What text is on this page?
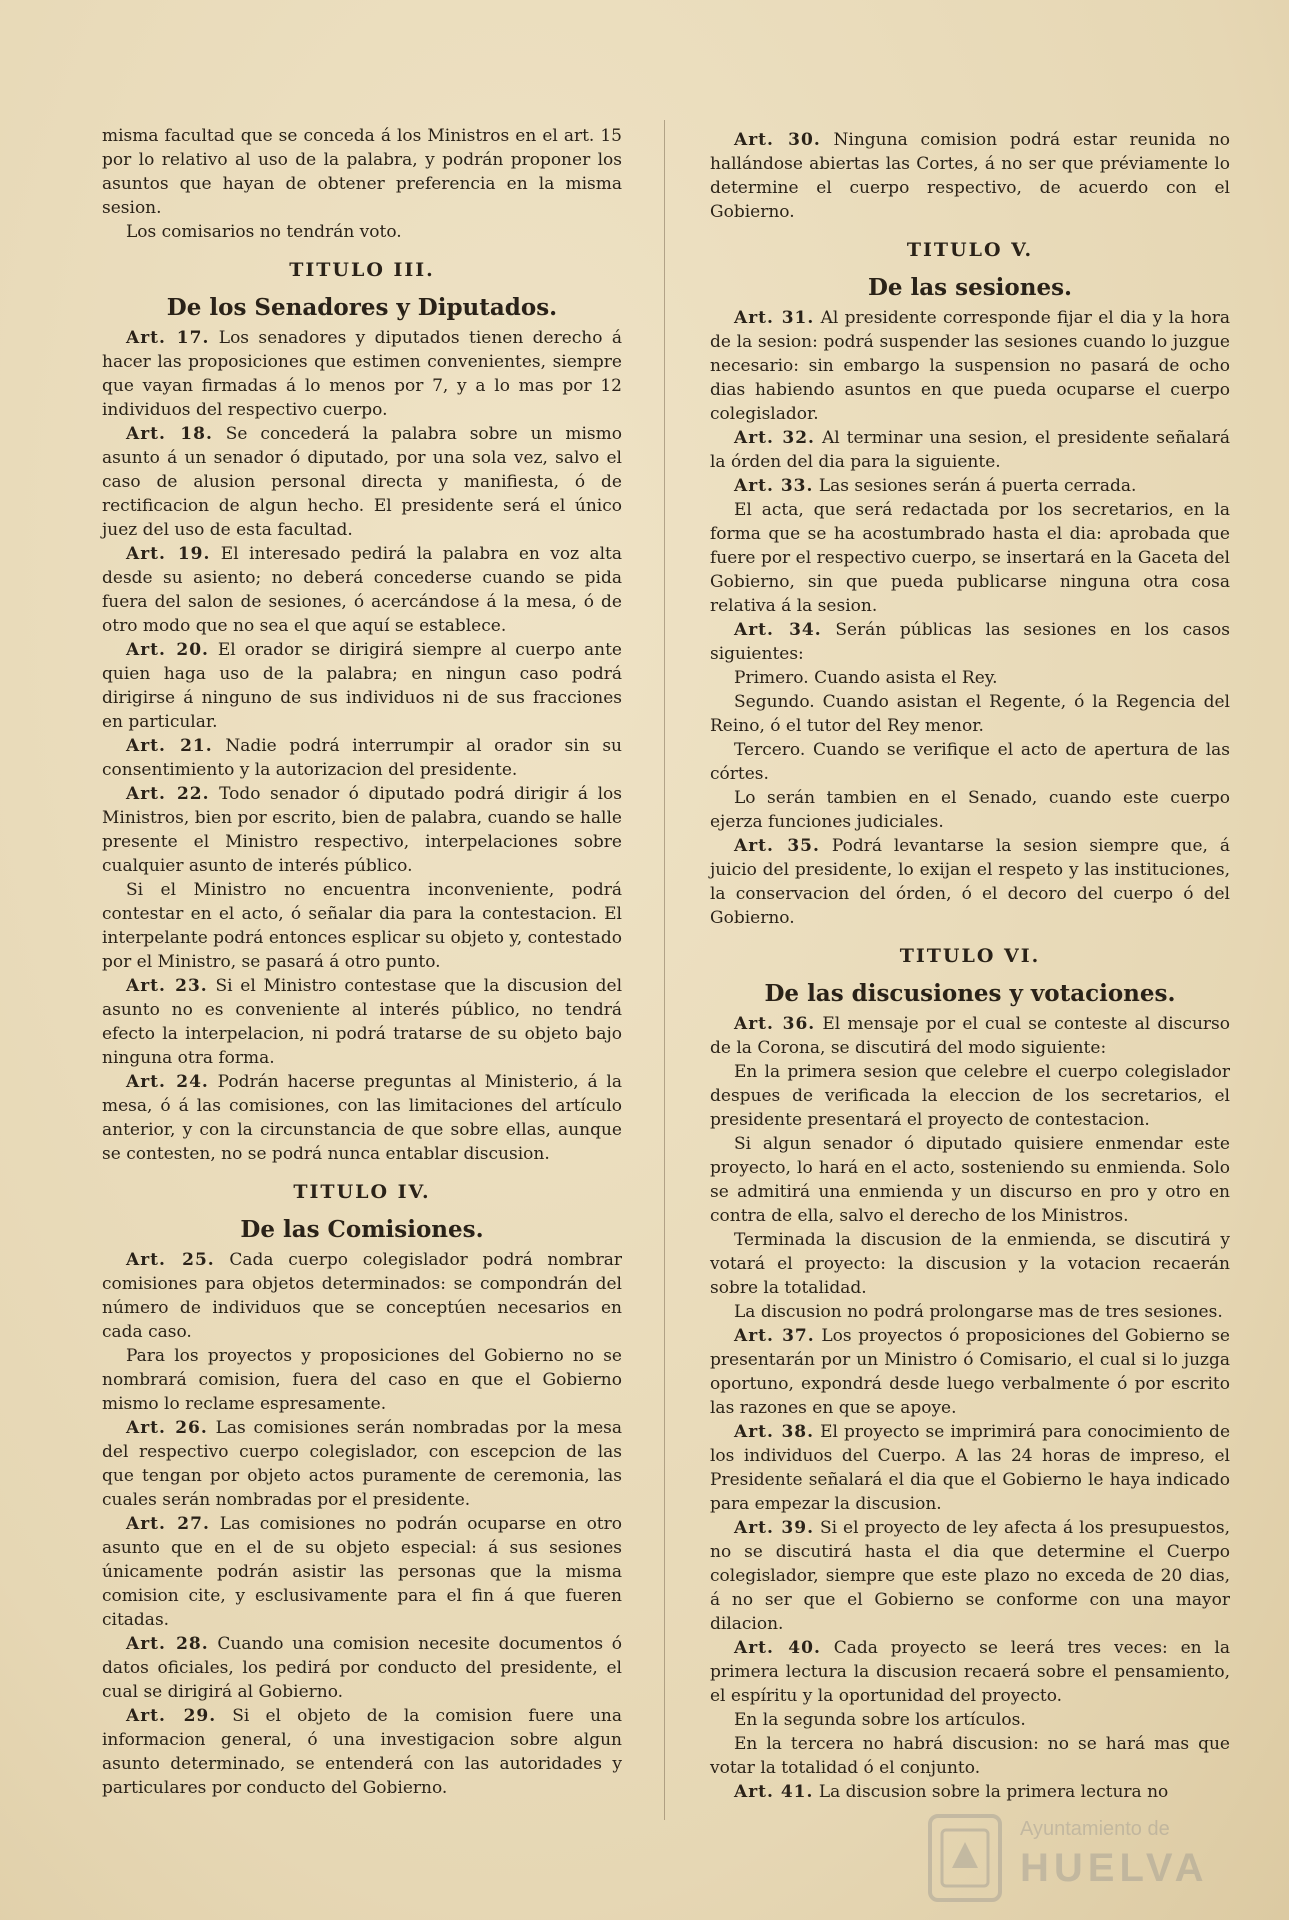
misma facultad que se conceda á los Ministros en el art. 15 por lo relativo al uso de la palabra, y podrán proponer los asuntos que hayan de obtener preferencia en la misma sesion.

Los comisarios no tendrán voto.

TITULO III.
De los Senadores y Diputados.

Art. 17. Los senadores y diputados tienen derecho á hacer las proposiciones que estimen convenientes, siempre que vayan firmadas á lo menos por 7, y a lo mas por 12 individuos del respectivo cuerpo.

Art. 18. Se concederá la palabra sobre un mismo asunto á un senador ó diputado, por una sola vez, salvo el caso de alusion personal directa y manifiesta, ó de rectificacion de algun hecho. El presidente será el único juez del uso de esta facultad.

Art. 19. El interesado pedirá la palabra en voz alta desde su asiento; no deberá concederse cuando se pida fuera del salon de sesiones, ó acercándose á la mesa, ó de otro modo que no sea el que aquí se establece.

Art. 20. El orador se dirigirá siempre al cuerpo ante quien haga uso de la palabra; en ningun caso podrá dirigirse á ninguno de sus individuos ni de sus fracciones en particular.

Art. 21. Nadie podrá interrumpir al orador sin su consentimiento y la autorizacion del presidente.

Art. 22. Todo senador ó diputado podrá dirigir á los Ministros, bien por escrito, bien de palabra, cuando se halle presente el Ministro respectivo, interpelaciones sobre cualquier asunto de interés público.

Si el Ministro no encuentra inconveniente, podrá contestar en el acto, ó señalar dia para la contestacion. El interpelante podrá entonces esplicar su objeto y, contestado por el Ministro, se pasará á otro punto.

Art. 23. Si el Ministro contestase que la discusion del asunto no es conveniente al interés público, no tendrá efecto la interpelacion, ni podrá tratarse de su objeto bajo ninguna otra forma.

Art. 24. Podrán hacerse preguntas al Ministerio, á la mesa, ó á las comisiones, con las limitaciones del artículo anterior, y con la circunstancia de que sobre ellas, aunque se contesten, no se podrá nunca entablar discusion.

TITULO IV.
De las Comisiones.

Art. 25. Cada cuerpo colegislador podrá nombrar comisiones para objetos determinados: se compondrán del número de individuos que se conceptúen necesarios en cada caso.

Para los proyectos y proposiciones del Gobierno no se nombrará comision, fuera del caso en que el Gobierno mismo lo reclame espresamente.

Art. 26. Las comisiones serán nombradas por la mesa del respectivo cuerpo colegislador, con escepcion de las que tengan por objeto actos puramente de ceremonia, las cuales serán nombradas por el presidente.

Art. 27. Las comisiones no podrán ocuparse en otro asunto que en el de su objeto especial: á sus sesiones únicamente podrán asistir las personas que la misma comision cite, y esclusivamente para el fin á que fueren citadas.

Art. 28. Cuando una comision necesite documentos ó datos oficiales, los pedirá por conducto del presidente, el cual se dirigirá al Gobierno.

Art. 29. Si el objeto de la comision fuere una informacion general, ó una investigacion sobre algun asunto determinado, se entenderá con las autoridades y particulares por conducto del Gobierno.

Art. 30. Ninguna comision podrá estar reunida no hallándose abiertas las Cortes, á no ser que préviamente lo determine el cuerpo respectivo, de acuerdo con el Gobierno.

TITULO V.
De las sesiones.

Art. 31. Al presidente corresponde fijar el dia y la hora de la sesion: podrá suspender las sesiones cuando lo juzgue necesario: sin embargo la suspension no pasará de ocho dias habiendo asuntos en que pueda ocuparse el cuerpo colegislador.

Art. 32. Al terminar una sesion, el presidente señalará la órden del dia para la siguiente.

Art. 33. Las sesiones serán á puerta cerrada.

El acta, que será redactada por los secretarios, en la forma que se ha acostumbrado hasta el dia: aprobada que fuere por el respectivo cuerpo, se insertará en la Gaceta del Gobierno, sin que pueda publicarse ninguna otra cosa relativa á la sesion.

Art. 34. Serán públicas las sesiones en los casos siguientes:

Primero. Cuando asista el Rey.

Segundo. Cuando asistan el Regente, ó la Regencia del Reino, ó el tutor del Rey menor.

Tercero. Cuando se verifique el acto de apertura de las córtes.

Lo serán tambien en el Senado, cuando este cuerpo ejerza funciones judiciales.

Art. 35. Podrá levantarse la sesion siempre que, á juicio del presidente, lo exijan el respeto y las instituciones, la conservacion del órden, ó el decoro del cuerpo ó del Gobierno.

TITULO VI.
De las discusiones y votaciones.

Art. 36. El mensaje por el cual se conteste al discurso de la Corona, se discutirá del modo siguiente:

En la primera sesion que celebre el cuerpo colegislador despues de verificada la eleccion de los secretarios, el presidente presentará el proyecto de contestacion.

Si algun senador ó diputado quisiere enmendar este proyecto, lo hará en el acto, sosteniendo su enmienda. Solo se admitirá una enmienda y un discurso en pro y otro en contra de ella, salvo el derecho de los Ministros.

Terminada la discusion de la enmienda, se discutirá y votará el proyecto: la discusion y la votacion recaerán sobre la totalidad.

La discusion no podrá prolongarse mas de tres sesiones.

Art. 37. Los proyectos ó proposiciones del Gobierno se presentarán por un Ministro ó Comisario, el cual si lo juzga oportuno, expondrá desde luego verbalmente ó por escrito las razones en que se apoye.

Art. 38. El proyecto se imprimirá para conocimiento de los individuos del Cuerpo. A las 24 horas de impreso, el Presidente señalará el dia que el Gobierno le haya indicado para empezar la discusion.

Art. 39. Si el proyecto de ley afecta á los presupuestos, no se discutirá hasta el dia que determine el Cuerpo colegislador, siempre que este plazo no exceda de 20 dias, á no ser que el Gobierno se conforme con una mayor dilacion.

Art. 40. Cada proyecto se leerá tres veces: en la primera lectura la discusion recaerá sobre el pensamiento, el espíritu y la oportunidad del proyecto.

En la segunda sobre los artículos.

En la tercera no habrá discusion: no se hará mas que votar la totalidad ó el conjunto.

Art. 41. La discusion sobre la primera lectura no

Ayuntamiento de
HUELVA
